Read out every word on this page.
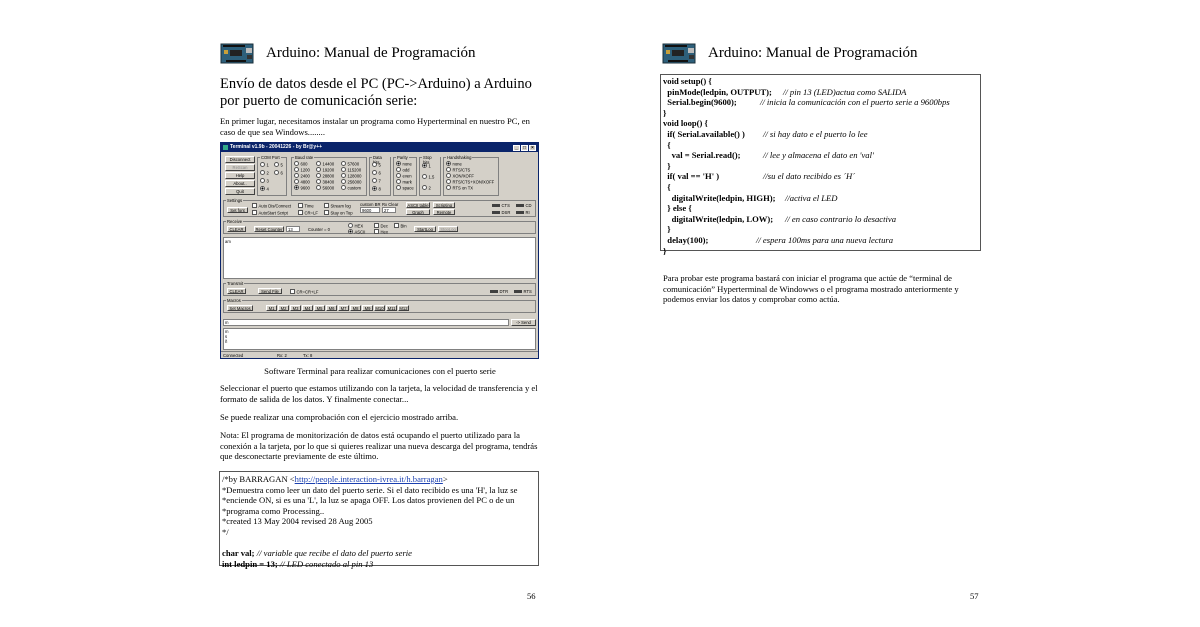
Arduino: Manual de Programación
Envío de datos desde el PC (PC->Arduino) a Arduino por puerto de comunicación serie:
En primer lugar, necesitamos instalar un programa como Hyperterminal en nuestro PC, en caso de que sea Windows........
Terminal v1.9b - 20041226 - by Br@y++	_	□	×
Disconnect
ReScan
Help
About..
Quit
COM Port
1
2
3
4
5
6
Baud rate
600
1200
2400
4800
9600
14400
19200
28800
38400
56000
57600
115200
128000
256000
custom
Data bits
5
6
7
8
Parity
none
odd
even
mark
space
Stop bits
1
1.5
2
Handshaking
none
RTS/CTS
XON/XOFF
RTS/CTS+XON/XOFF
RTS on TX
Settings
Set font
Auto Dis/Connect
AutoStart Script
Time
CR=LF
Stream log
Stay on Top
custom BR
9600
Rx Clear
27
ASCII table
Graph
Scripting
Remote
CTS	CD
DSR	RI
Receive
CLEAR	Reset Counter	13	Counter = 0
HEX
ASCII
Dec
Hex
Bin
StartLog	StopLog
am
Transmit
CLEAR	Send File	CR=CR+LF	DTR	RTS
Macros
Set Macros	M1	M2	M3	M4	M5	M6	M7	M8	M9	M10 M11 M12
m	-> Send
m
s
ñ
Connected	Rx: 2	Tx: 8
Software Terminal para realizar comunicaciones con el puerto serie
Seleccionar el puerto que estamos utilizando con la tarjeta, la velocidad de transferencia y el formato de salida de los datos. Y finalmente conectar...
Se puede realizar una comprobación con el ejercicio mostrado arriba.
Nota: El programa de monitorización de datos está ocupando el puerto utilizado para la conexión a la tarjeta, por lo que si quieres realizar una nueva descarga del programa, tendrás que desconectarte previamente de este último.
/*by BARRAGAN <http://people.interaction-ivrea.it/h.barragan>
*Demuestra como leer un dato del puerto serie. Si el dato recibido es una 'H', la luz se
*enciende ON, si es una 'L', la luz se apaga OFF. Los datos provienen del PC o de un
*programa como Processing..
*created 13 May 2004 revised 28 Aug 2005
*/

char val; // variable que recibe el dato del puerto serie
int ledpin = 13; // LED conectado al pin 13
56
Arduino: Manual de Programación
57
void setup() {
pinMode(ledpin, OUTPUT); // pin 13 (LED)actua como SALIDA
Serial.begin(9600);	// inicia la comunicación con el puerto serie a 9600bps
}
void loop() {
if( Serial.available() ) // si hay dato e el puerto lo lee
{
val = Serial.read();	// lee y almacena el dato en 'val'
}
if( val == 'H' )	//su el dato recibido es ´H´
{
digitalWrite(ledpin, HIGH); //activa el LED
} else {
digitalWrite(ledpin, LOW); // en caso contrario lo desactiva
}
delay(100);	// espera 100ms para una nueva lectura
}
Para probar este programa bastará con iniciar el programa que actúe de “terminal de comunicación” Hyperterminal de Windowws o el programa mostrado anteriormente y podemos enviar los datos y comprobar como actúa.
